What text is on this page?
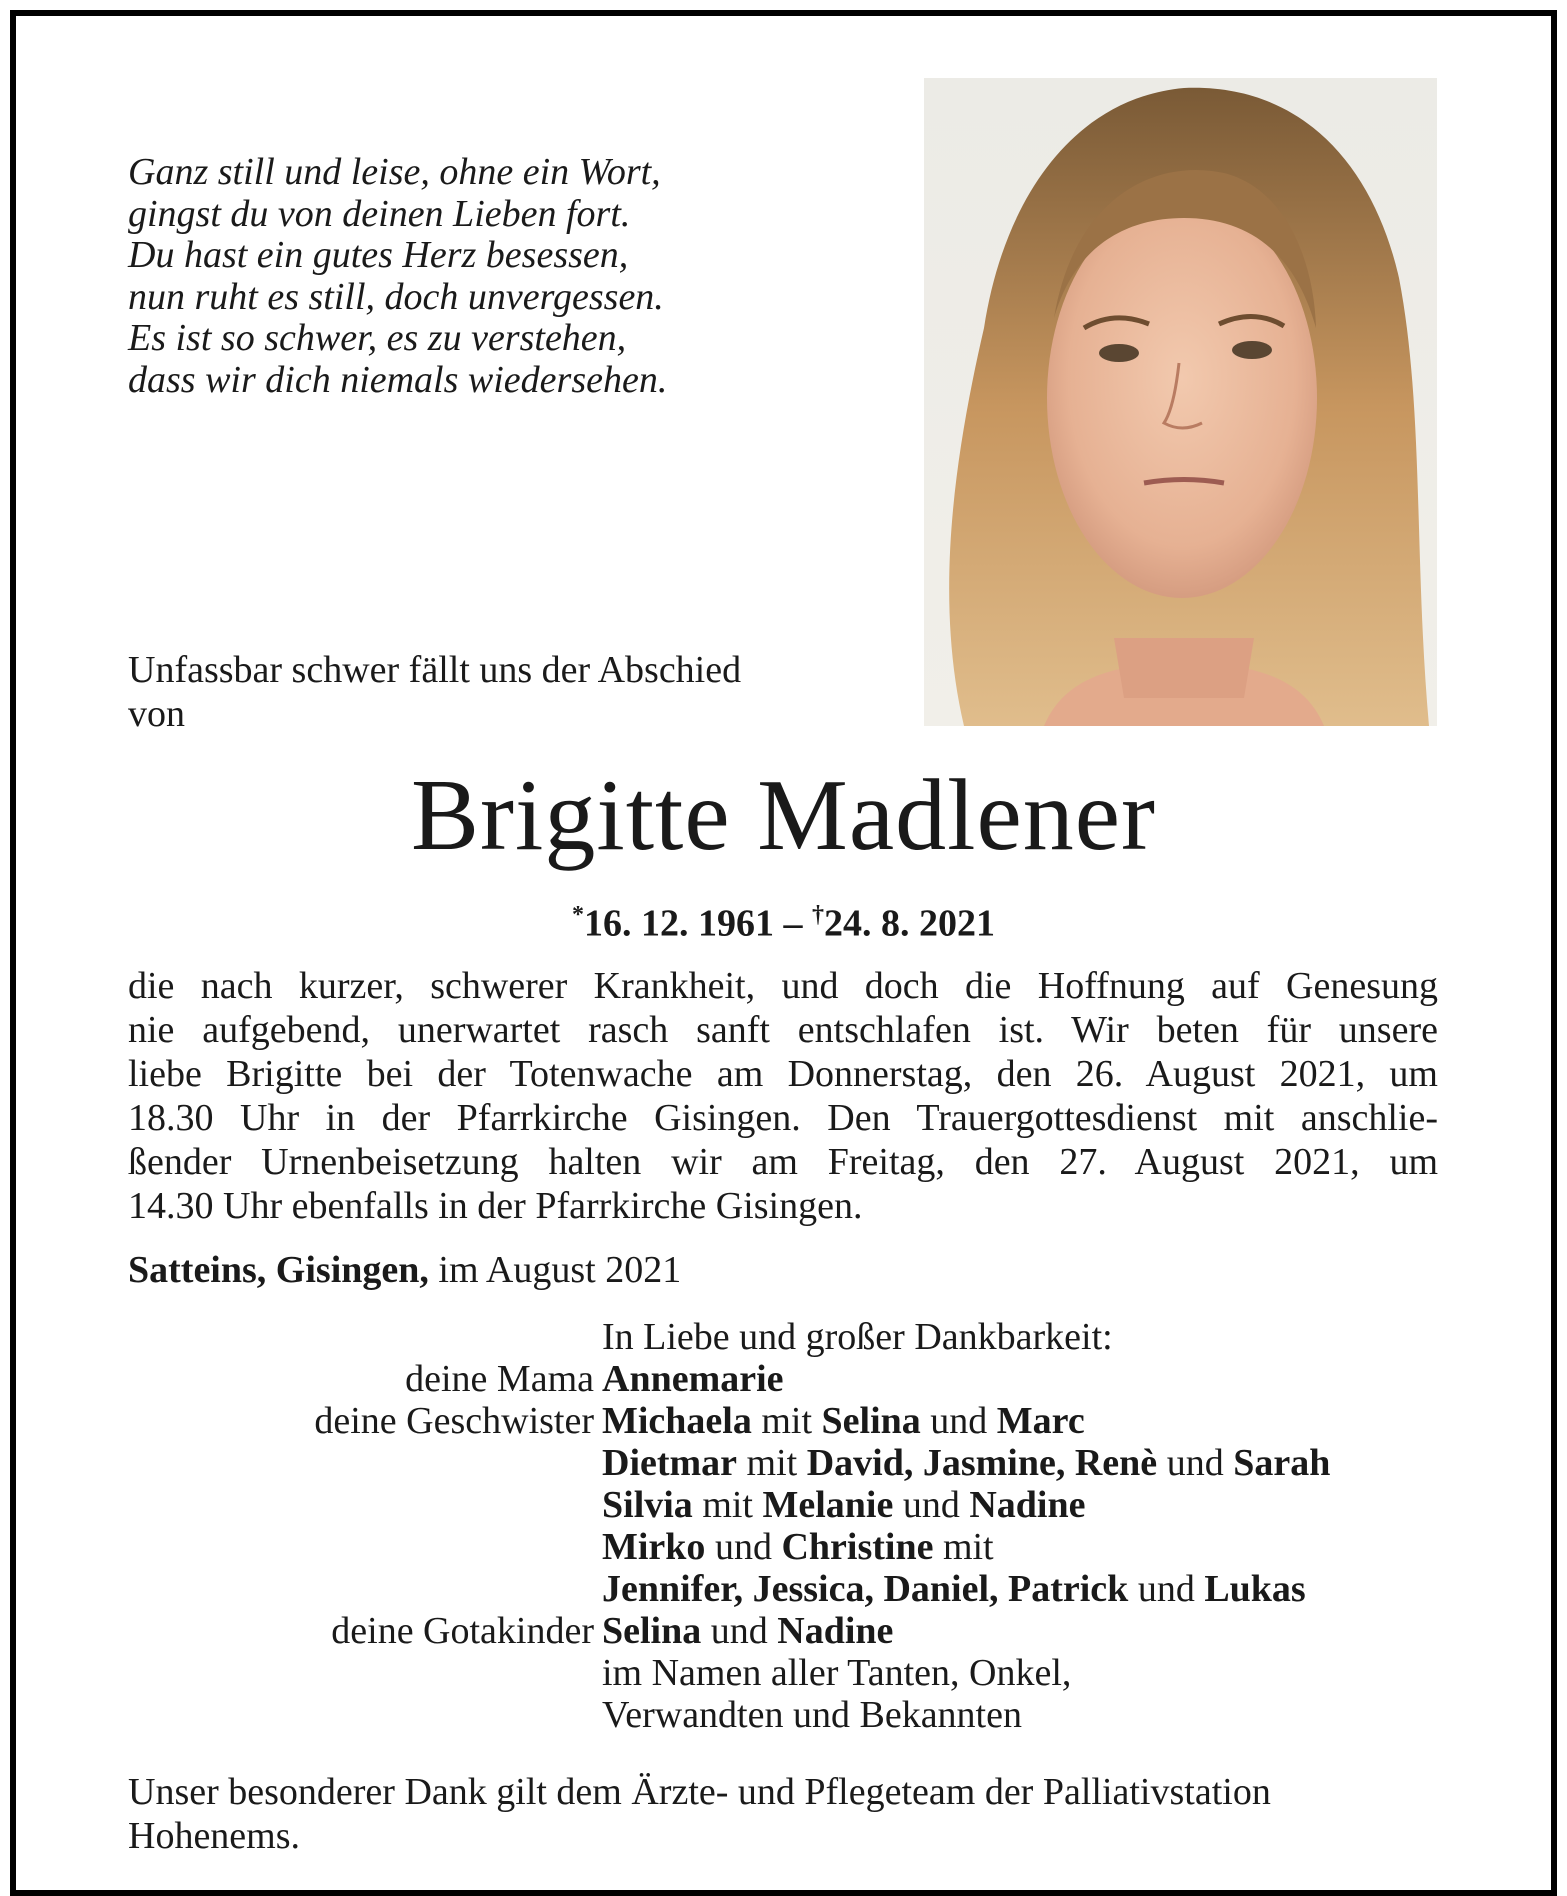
Ganz still und leise, ohne ein Wort,
gingst du von deinen Lieben fort.
Du hast ein gutes Herz besessen,
nun ruht es still, doch unvergessen.
Es ist so schwer, es zu verstehen,
dass wir dich niemals wiedersehen.
Unfassbar schwer fällt uns der Abschied
von
Brigitte Madlener
*16. 12. 1961 – †24. 8. 2021
die nach kurzer, schwerer Krankheit, und doch die Hoffnung auf Genesung
nie aufgebend, unerwartet rasch sanft entschlafen ist. Wir beten für unsere
liebe Brigitte bei der Totenwache am Donnerstag, den 26. August 2021, um
18.30 Uhr in der Pfarrkirche Gisingen. Den Trauergottesdienst mit anschlie-
ßender Urnenbeisetzung halten wir am Freitag, den 27. August 2021, um
14.30 Uhr ebenfalls in der Pfarrkirche Gisingen.
Satteins, Gisingen, im August 2021
In Liebe und großer Dankbarkeit:
deine Mama Annemarie
deine Geschwister Michaela mit Selina und Marc
Dietmar mit David, Jasmine, Renè und Sarah
Silvia mit Melanie und Nadine
Mirko und Christine mit
Jennifer, Jessica, Daniel, Patrick und Lukas
deine Gotakinder Selina und Nadine
im Namen aller Tanten, Onkel,
Verwandten und Bekannten
Unser besonderer Dank gilt dem Ärzte- und Pflegeteam der Palliativstation
Hohenems.
